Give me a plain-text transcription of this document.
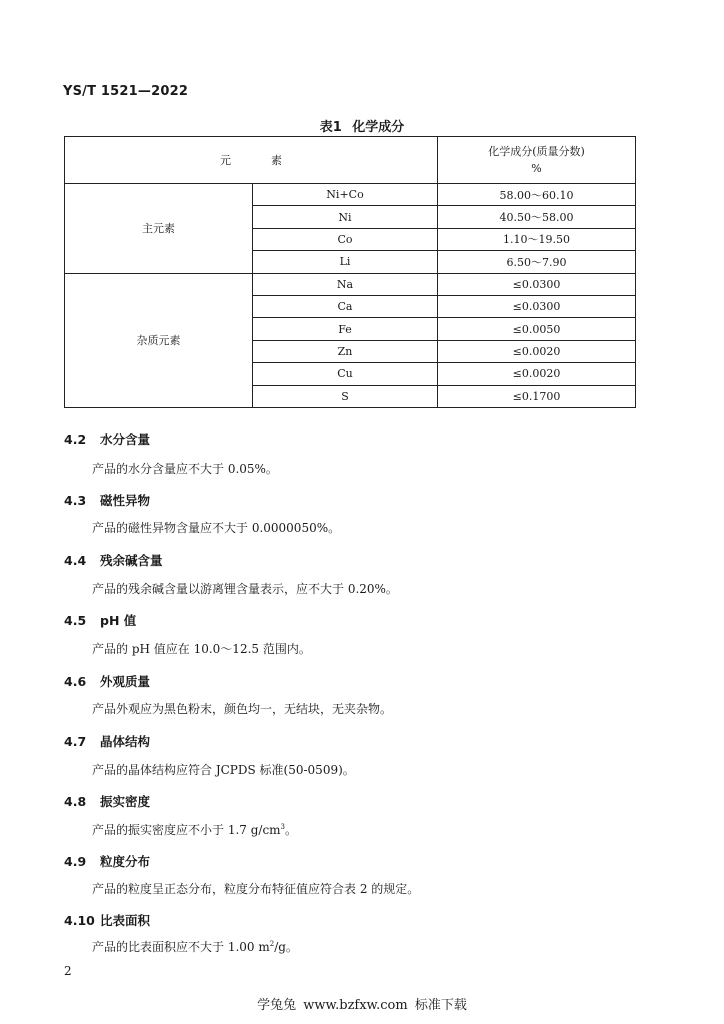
YS/T 1521—2022
表1 化学成分
元素		化学成分(质量分数)
%

主元素	Ni+Co	58.00～60.10
	Ni	40.50～58.00
	Co	1.10～19.50
	Li	6.50～7.90
杂质元素	Na	≤0.0300
	Ca	≤0.0300
	Fe	≤0.0050
	Zn	≤0.0020
	Cu	≤0.0020
	S	≤0.1700
4.2 水分含量
产品的水分含量应不大于 0.05%。
4.3 磁性异物
产品的磁性异物含量应不大于 0.0000050%。
4.4 残余碱含量
产品的残余碱含量以游离锂含量表示，应不大于 0.20%。
4.5 pH 值
产品的 pH 值应在 10.0～12.5 范围内。
4.6 外观质量
产品外观应为黑色粉末，颜色均一，无结块，无夹杂物。
4.7 晶体结构
产品的晶体结构应符合 JCPDS 标准(50-0509)。
4.8 振实密度
产品的振实密度应不小于 1.7 $g/cm^3$。
4.9 粒度分布
产品的粒度呈正态分布，粒度分布特征值应符合表 2 的规定。
4.10 比表面积
产品的比表面积应不大于 1.00 $m^2/g$。
2
学兔兔 www.bzfxw.com 标准下载
